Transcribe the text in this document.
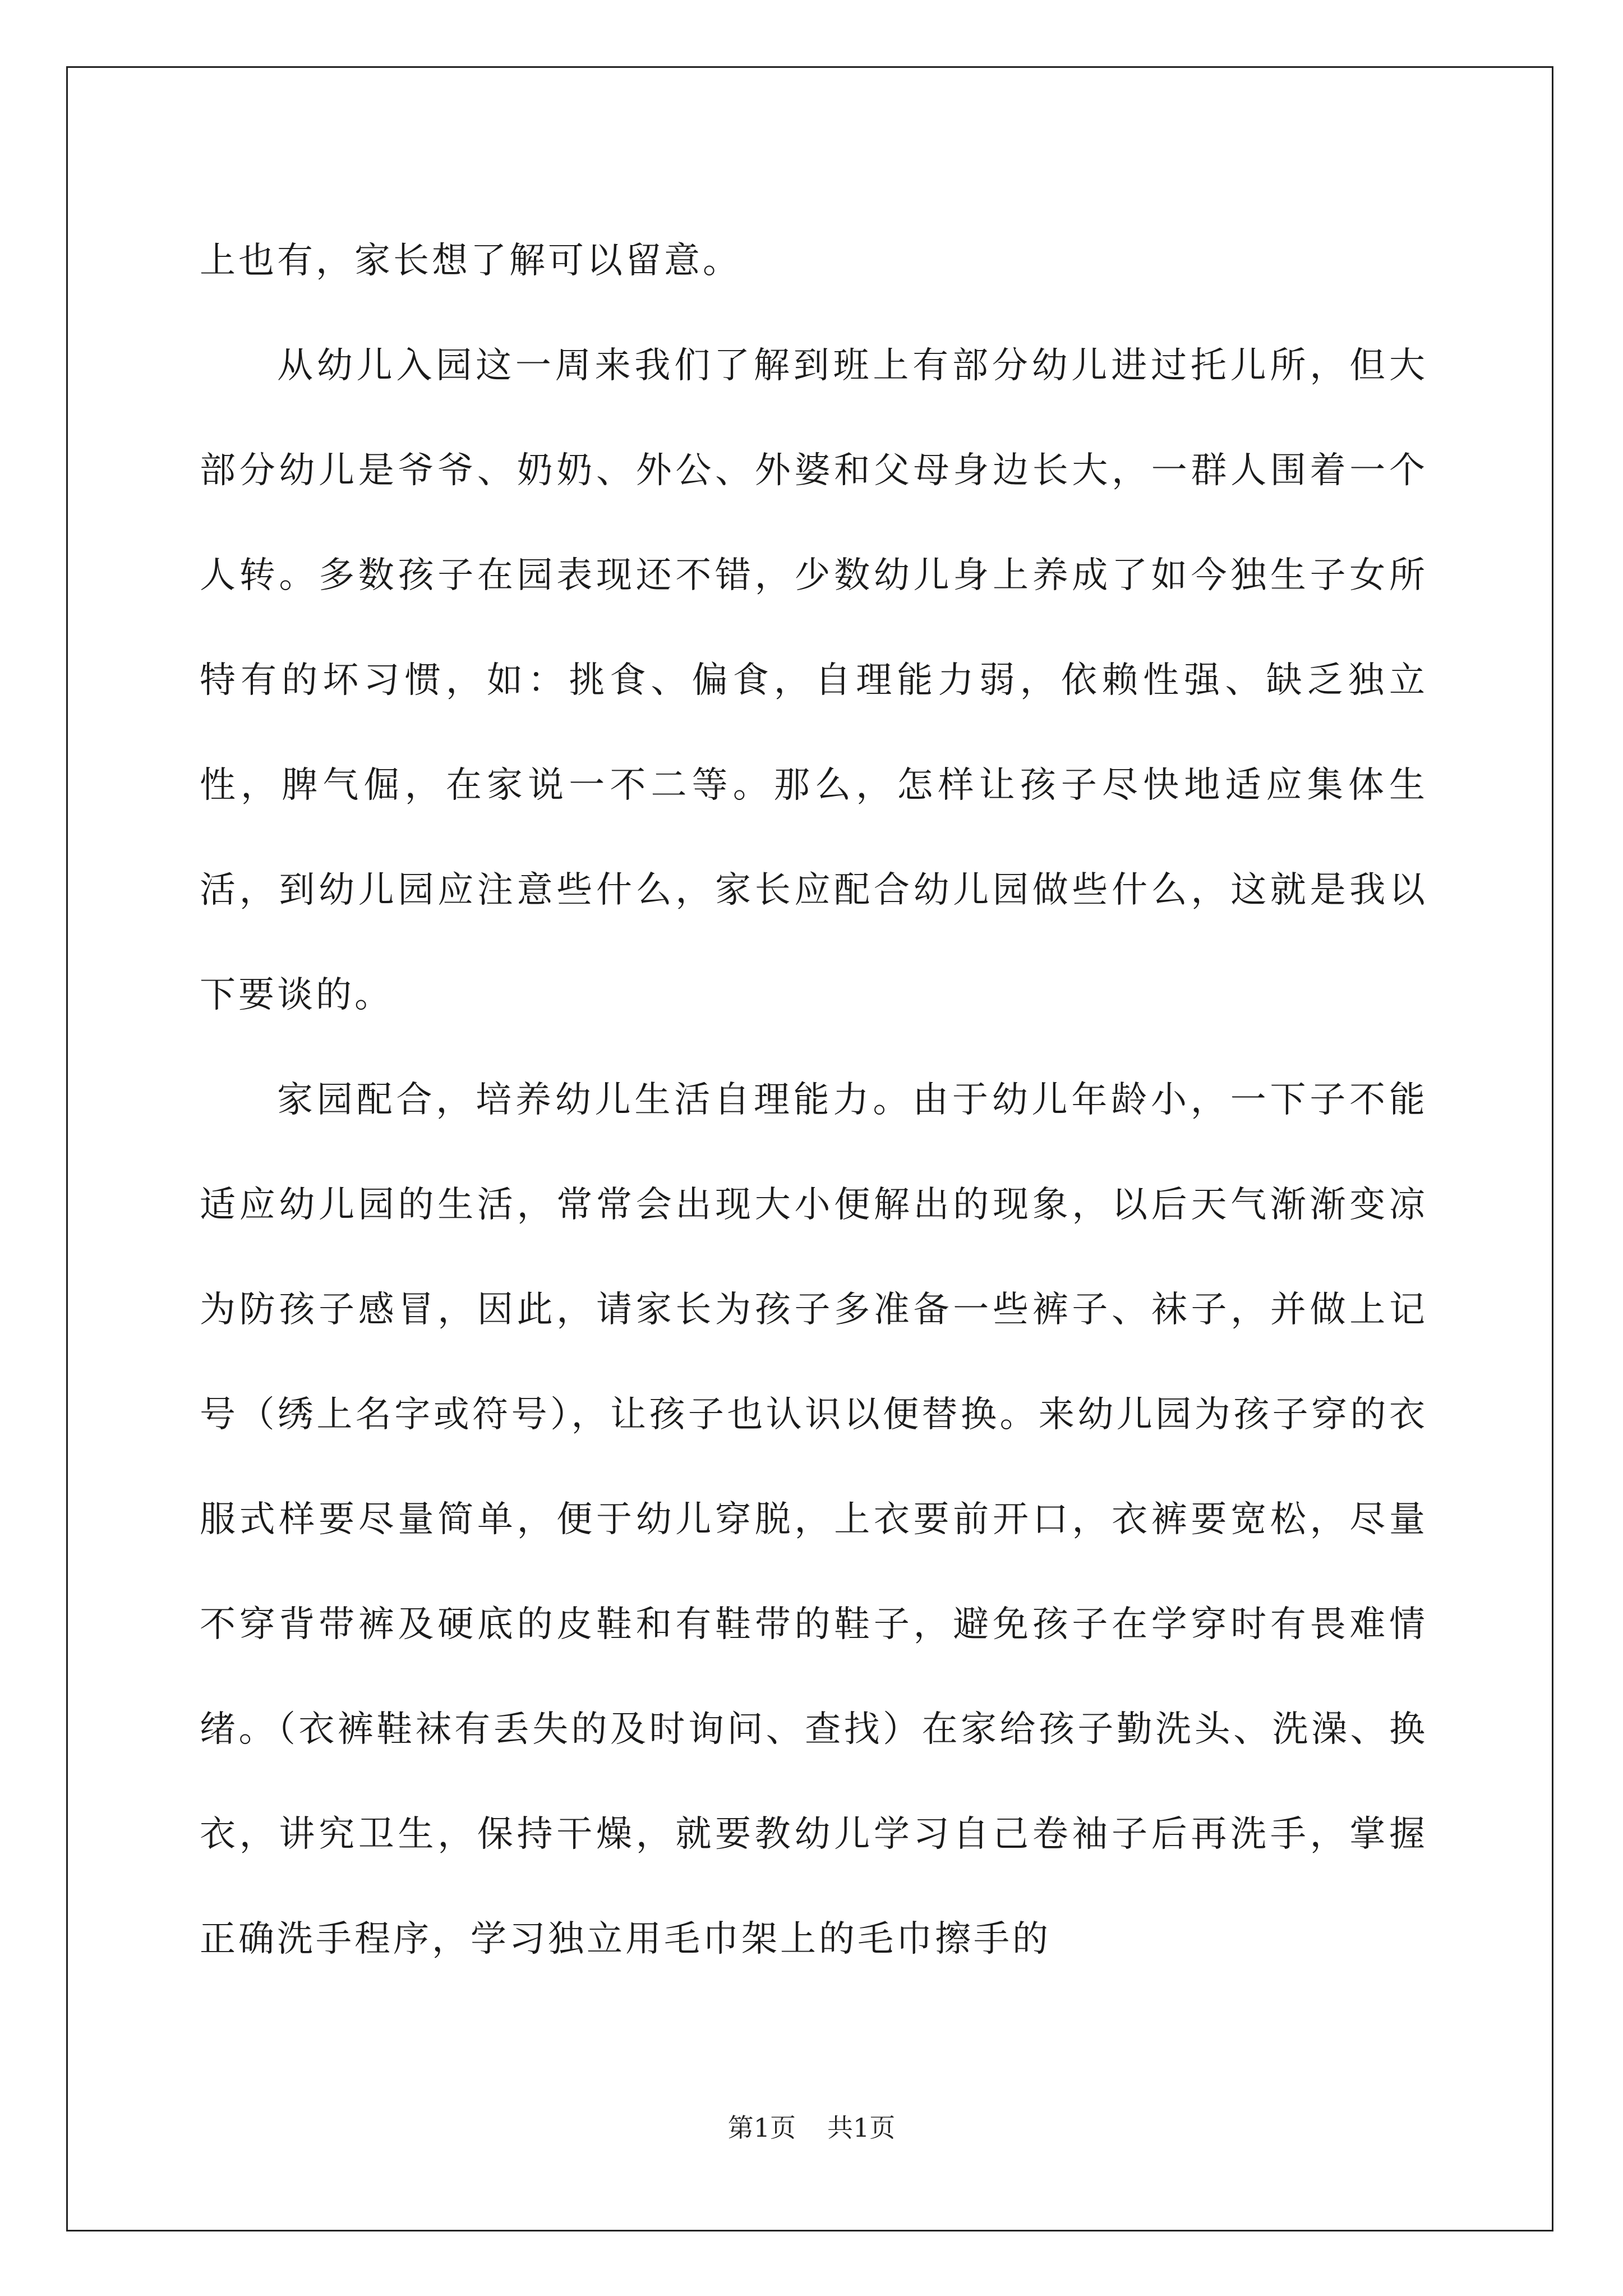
上也有，家长想了解可以留意。

从幼儿入园这一周来我们了解到班上有部分幼儿进过托儿所，但大部分幼儿是爷爷、奶奶、外公、外婆和父母身边长大，一群人围着一个人转。多数孩子在园表现还不错，少数幼儿身上养成了如今独生子女所特有的坏习惯，如：挑食、偏食，自理能力弱，依赖性强、缺乏独立性，脾气倔，在家说一不二等。那么，怎样让孩子尽快地适应集体生活，到幼儿园应注意些什么，家长应配合幼儿园做些什么，这就是我以下要谈的。

家园配合，培养幼儿生活自理能力。由于幼儿年龄小，一下子不能适应幼儿园的生活，常常会出现大小便解出的现象，以后天气渐渐变凉为防孩子感冒，因此，请家长为孩子多准备一些裤子、袜子，并做上记号（绣上名字或符号），让孩子也认识以便替换。来幼儿园为孩子穿的衣服式样要尽量简单，便于幼儿穿脱，上衣要前开口，衣裤要宽松，尽量不穿背带裤及硬底的皮鞋和有鞋带的鞋子，避免孩子在学穿时有畏难情绪。（衣裤鞋袜有丢失的及时询问、查找）在家给孩子勤洗头、洗澡、换衣，讲究卫生，保持干燥，就要教幼儿学习自己卷袖子后再洗手，掌握正确洗手程序，学习独立用毛巾架上的毛巾擦手的

第1页 共1页
